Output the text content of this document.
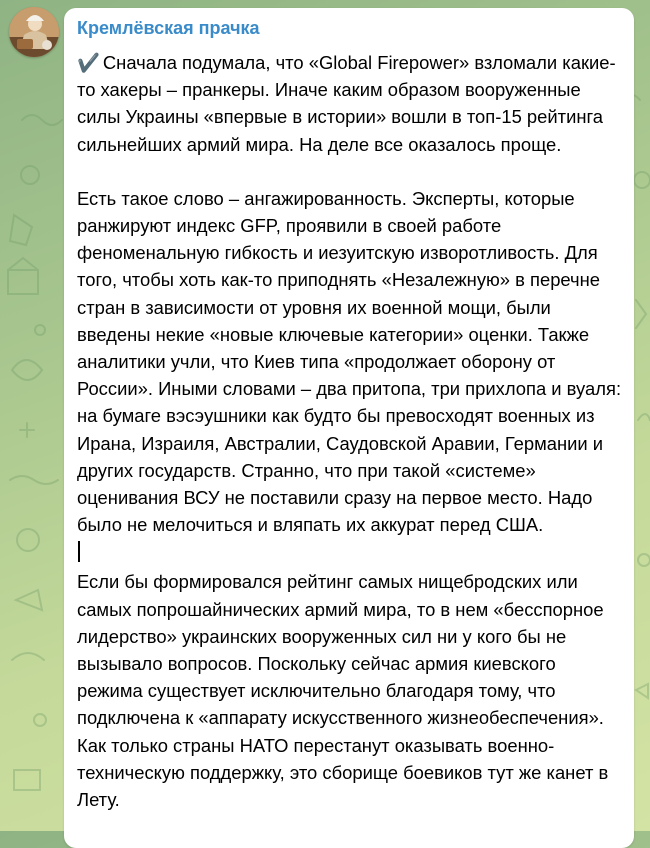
Кремлёвская прачка

✔️ Сначала подумала, что «Global Firepower» взломали какие-
то хакеры – пранкеры. Иначе каким образом вооруженные
силы Украины «впервые в истории» вошли в топ-15 рейтинга
сильнейших армий мира. На деле все оказалось проще.

Есть такое слово – ангажированность. Эксперты, которые
ранжируют индекс GFP, проявили в своей работе
феноменальную гибкость и иезуитскую изворотливость. Для
того, чтобы хоть как-то приподнять «Незалежную» в перечне
стран в зависимости от уровня их военной мощи, были
введены некие «новые ключевые категории» оценки. Также
аналитики учли, что Киев типа «продолжает оборону от
России». Иными словами – два притопа, три прихлопа и вуаля:
на бумаге вэсэушники как будто бы превосходят военных из
Ирана, Израиля, Австралии, Саудовской Аравии, Германии и
других государств. Странно, что при такой «системе»
оценивания ВСУ не поставили сразу на первое место. Надо
было не мелочиться и вляпать их аккурат перед США.

Если бы формировался рейтинг самых нищебродских или
самых попрошайнических армий мира, то в нем «бесспорное
лидерство» украинских вооруженных сил ни у кого бы не
вызывало вопросов. Поскольку сейчас армия киевского
режима существует исключительно благодаря тому, что
подключена к «аппарату искусственного жизнеобеспечения».
Как только страны НАТО перестанут оказывать военно-
техническую поддержку, это сборище боевиков тут же канет в
Лету.
